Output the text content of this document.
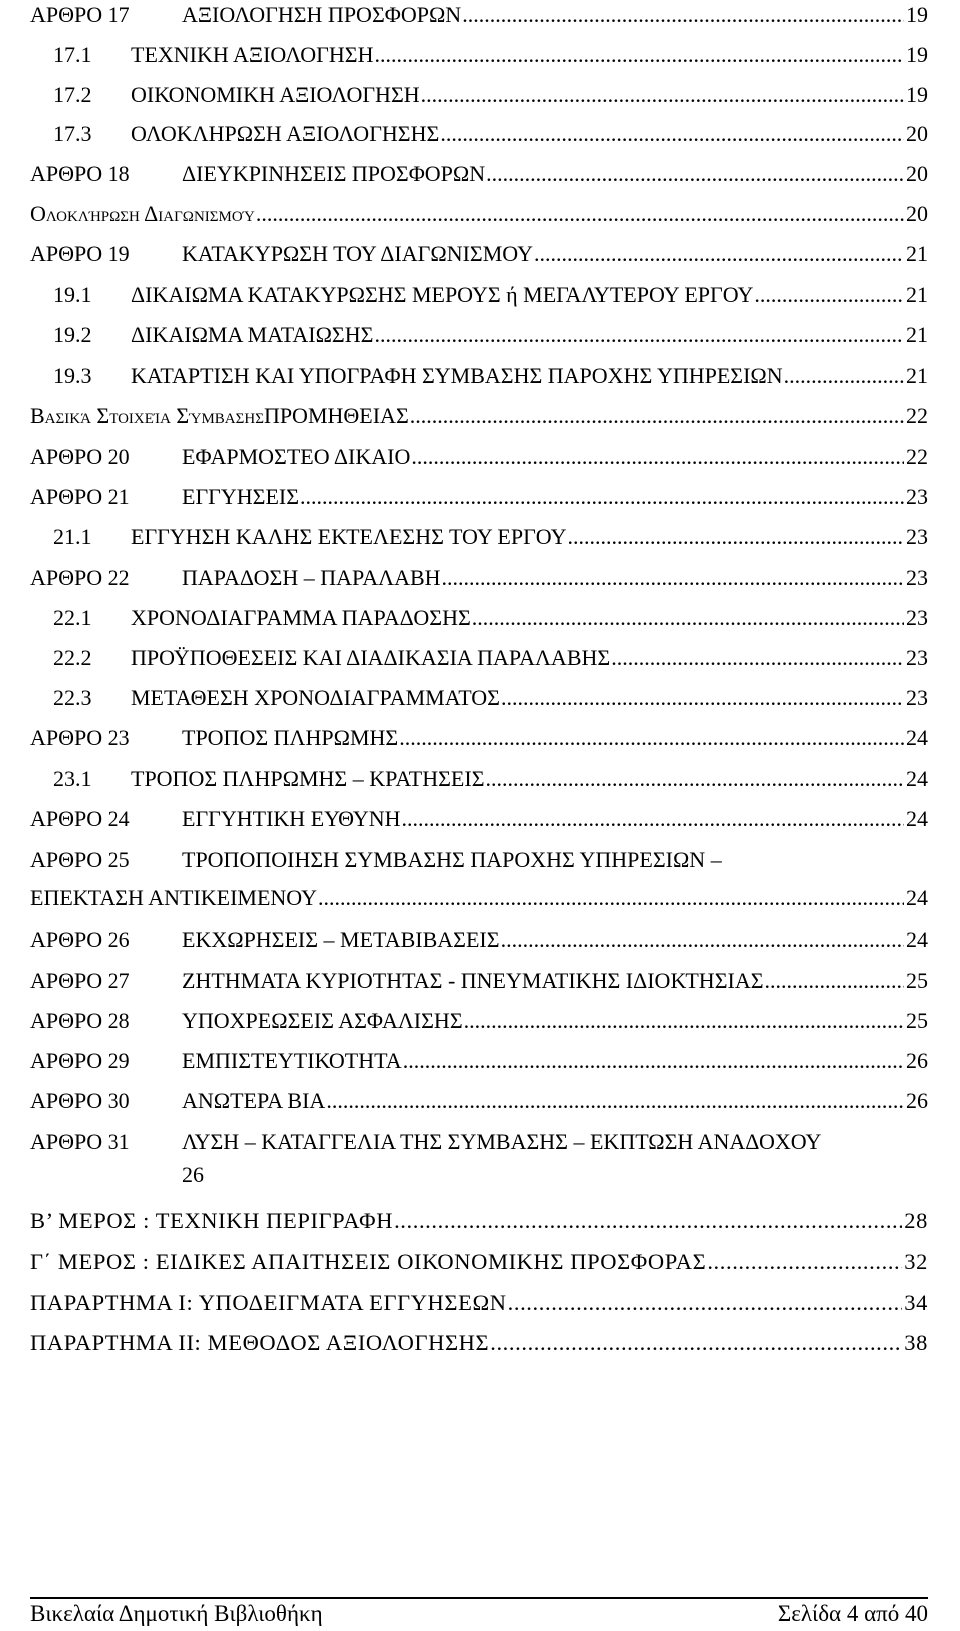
ΑΡΘΡΟ 17 ΑΞΙΟΛΟΓΗΣΗ ΠΡΟΣΦΟΡΩΝ .....	19
17.1 ΤΕΧΝΙΚΗ ΑΞΙΟΛΟΓΗΣΗ .....	19
17.2 ΟΙΚΟΝΟΜΙΚΗ ΑΞΙΟΛΟΓΗΣΗ .....	19
17.3 ΟΛΟΚΛΗΡΩΣΗ ΑΞΙΟΛΟΓΗΣΗΣ .....	20
ΑΡΘΡΟ 18 ΔΙΕΥΚΡΙΝΗΣΕΙΣ ΠΡΟΣΦΟΡΩΝ .....	20
Ολοκλήρωση Διαγωνισμού .....	20
ΑΡΘΡΟ 19 ΚΑΤΑΚΥΡΩΣΗ ΤΟΥ ΔΙΑΓΩΝΙΣΜΟΥ .....	21
19.1 ΔΙΚΑΙΩΜΑ ΚΑΤΑΚΥΡΩΣΗΣ ΜΕΡΟΥΣ ή ΜΕΓΑΛΥΤΕΡΟΥ ΕΡΓΟΥ .....	21
19.2 ΔΙΚΑΙΩΜΑ ΜΑΤΑΙΩΣΗΣ .....	21
19.3 ΚΑΤΑΡΤΙΣΗ ΚΑΙ ΥΠΟΓΡΑΦΗ ΣΥΜΒΑΣΗΣ ΠΑΡΟΧΗΣ ΥΠΗΡΕΣΙΩΝ .....	21
Βασικά Στοιχεία Σύμβασης ΠΡΟΜΗΘΕΙΑΣ .....	22
ΑΡΘΡΟ 20 ΕΦΑΡΜΟΣΤΕΟ ΔΙΚΑΙΟ .....	22
ΑΡΘΡΟ 21 ΕΓΓΥΗΣΕΙΣ .....	23
21.1 ΕΓΓΥΗΣΗ ΚΑΛΗΣ ΕΚΤΕΛΕΣΗΣ ΤΟΥ ΕΡΓΟΥ .....	23
ΑΡΘΡΟ 22 ΠΑΡΑΔΟΣΗ – ΠΑΡΑΛΑΒΗ .....	23
22.1 ΧΡΟΝΟΔΙΑΓΡΑΜΜΑ ΠΑΡΑΔΟΣΗΣ .....	23
22.2 ΠΡΟΫΠΟΘΕΣΕΙΣ ΚΑΙ ΔΙΑΔΙΚΑΣΙΑ ΠΑΡΑΛΑΒΗΣ .....	23
22.3 ΜΕΤΑΘΕΣΗ ΧΡΟΝΟΔΙΑΓΡΑΜΜΑΤΟΣ .....	23
ΑΡΘΡΟ 23 ΤΡΟΠΟΣ ΠΛΗΡΩΜΗΣ .....	24
23.1 ΤΡΟΠΟΣ ΠΛΗΡΩΜΗΣ – ΚΡΑΤΗΣΕΙΣ .....	24
ΑΡΘΡΟ 24 ΕΓΓΥΗΤΙΚΗ ΕΥΘΥΝΗ .....	24
ΑΡΘΡΟ 25 ΤΡΟΠΟΠΟΙΗΣΗ ΣΥΜΒΑΣΗΣ ΠΑΡΟΧΗΣ ΥΠΗΡΕΣΙΩΝ –
ΕΠΕΚΤΑΣΗ ΑΝΤΙΚΕΙΜΕΝΟΥ .....	24
ΑΡΘΡΟ 26 ΕΚΧΩΡΗΣΕΙΣ – ΜΕΤΑΒΙΒΑΣΕΙΣ .....	24
ΑΡΘΡΟ 27 ΖΗΤΗΜΑΤΑ ΚΥΡΙΟΤΗΤΑΣ - ΠΝΕΥΜΑΤΙΚΗΣ ΙΔΙΟΚΤΗΣΙΑΣ .....	25
ΑΡΘΡΟ 28 ΥΠΟΧΡΕΩΣΕΙΣ ΑΣΦΑΛΙΣΗΣ .....	25
ΑΡΘΡΟ 29 ΕΜΠΙΣΤΕΥΤΙΚΟΤΗΤΑ .....	26
ΑΡΘΡΟ 30 ΑΝΩΤΕΡΑ ΒΙΑ .....	26
ΑΡΘΡΟ 31 ΛΥΣΗ – ΚΑΤΑΓΓΕΛΙΑ ΤΗΣ ΣΥΜΒΑΣΗΣ – ΕΚΠΤΩΣΗ ΑΝΑΔΟΧΟΥ
26
Β’ ΜΕΡΟΣ : ΤΕΧΝΙΚΗ ΠΕΡΙΓΡΑΦΗ .....	28
Γ΄ ΜΕΡΟΣ : ΕΙΔΙΚΕΣ ΑΠΑΙΤΗΣΕΙΣ ΟΙΚΟΝΟΜΙΚΗΣ ΠΡΟΣΦΟΡΑΣ .....	32
ΠΑΡΑΡΤΗΜΑ Ι: ΥΠΟΔΕΙΓΜΑΤΑ ΕΓΓΥΗΣΕΩΝ .....	34
ΠΑΡΑΡΤΗΜΑ ΙΙ: ΜΕΘΟΔΟΣ ΑΞΙΟΛΟΓΗΣΗΣ .....	38
Βικελαία Δημοτική Βιβλιοθήκη	Σελίδα 4 από 40
